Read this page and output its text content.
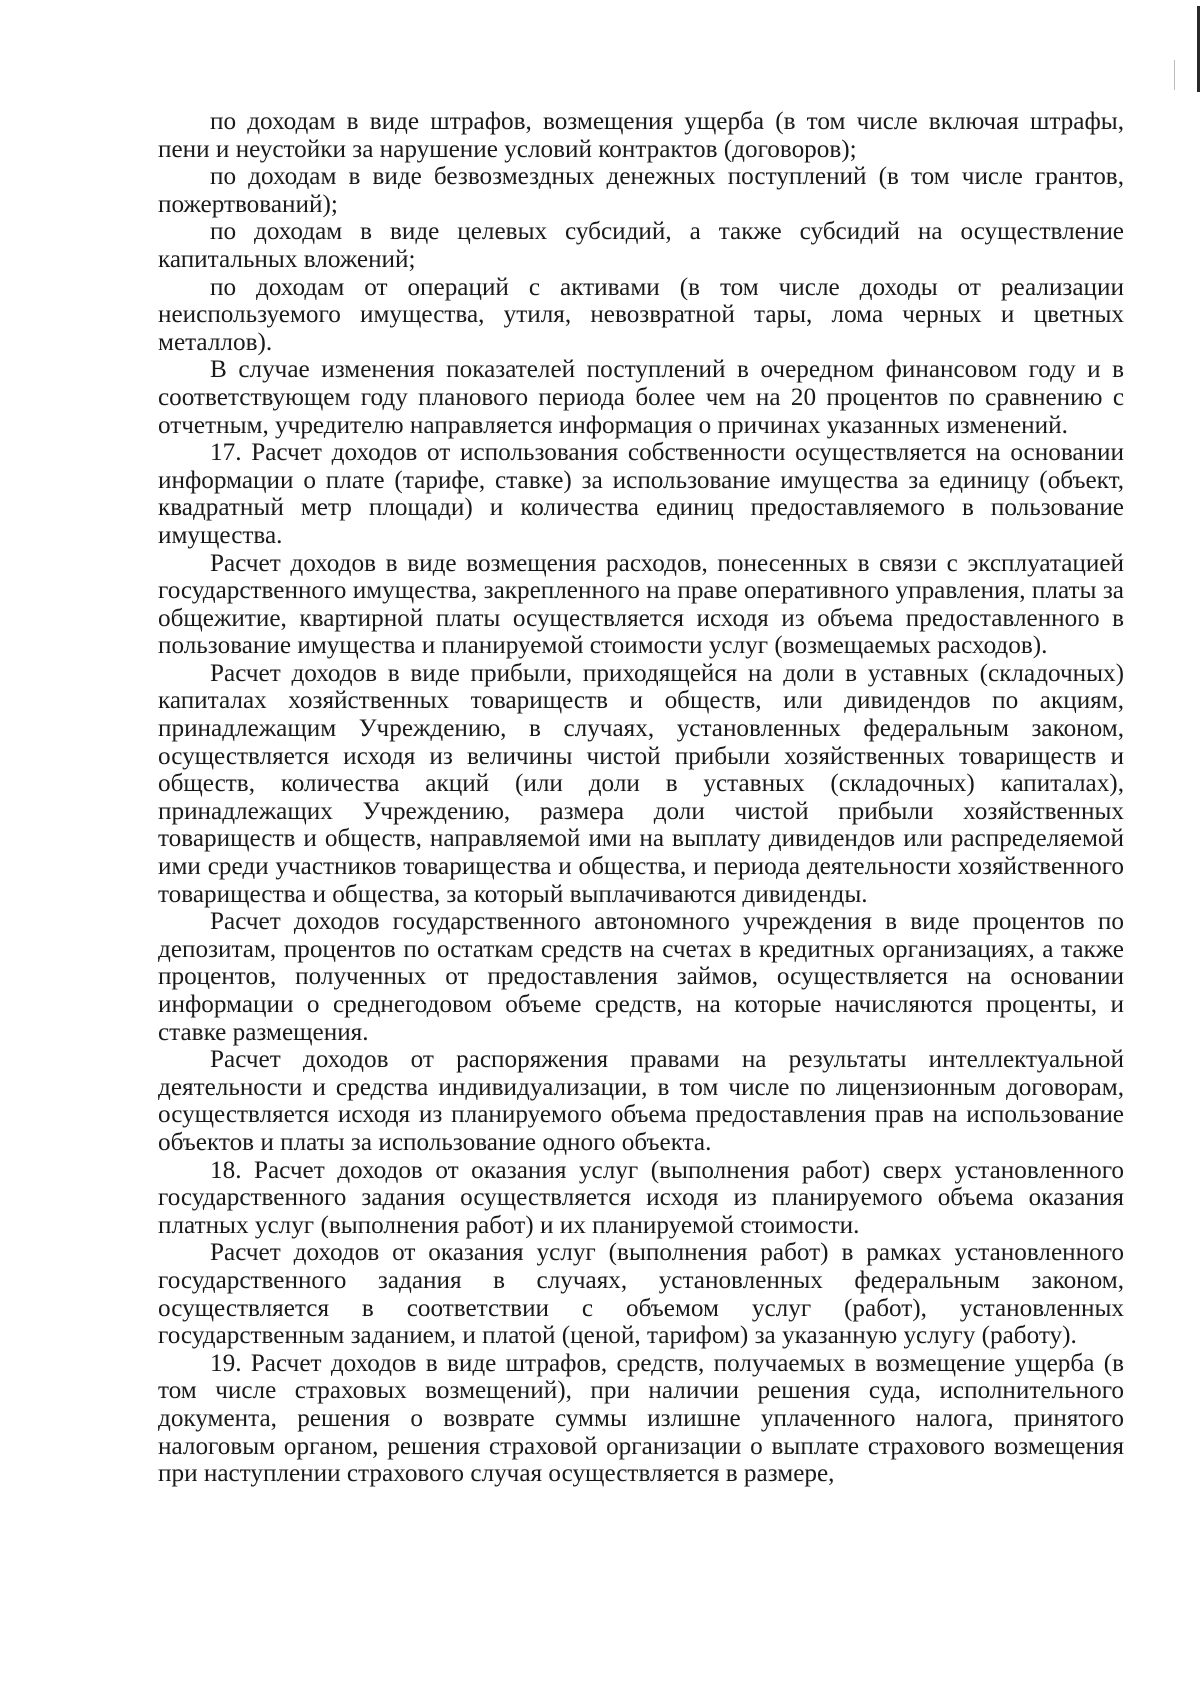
по доходам в виде штрафов, возмещения ущерба (в том числе включая штрафы, пени и неустойки за нарушение условий контрактов (договоров);

по доходам в виде безвозмездных денежных поступлений (в том числе грантов, пожертвований);

по доходам в виде целевых субсидий, а также субсидий на осуществление капитальных вложений;

по доходам от операций с активами (в том числе доходы от реализации неиспользуемого имущества, утиля, невозвратной тары, лома черных и цветных металлов).

В случае изменения показателей поступлений в очередном финансовом году и в соответствующем году планового периода более чем на 20 процентов по сравнению с отчетным, учредителю направляется информация о причинах указанных изменений.

17. Расчет доходов от использования собственности осуществляется на основании информации о плате (тарифе, ставке) за использование имущества за единицу (объект, квадратный метр площади) и количества единиц предоставляемого в пользование имущества.

Расчет доходов в виде возмещения расходов, понесенных в связи с эксплуатацией государственного имущества, закрепленного на праве оперативного управления, платы за общежитие, квартирной платы осуществляется исходя из объема предоставленного в пользование имущества и планируемой стоимости услуг (возмещаемых расходов).

Расчет доходов в виде прибыли, приходящейся на доли в уставных (складочных) капиталах хозяйственных товариществ и обществ, или дивидендов по акциям, принадлежащим Учреждению, в случаях, установленных федеральным законом, осуществляется исходя из величины чистой прибыли хозяйственных товариществ и обществ, количества акций (или доли в уставных (складочных) капиталах), принадлежащих Учреждению, размера доли чистой прибыли хозяйственных товариществ и обществ, направляемой ими на выплату дивидендов или распределяемой ими среди участников товарищества и общества, и периода деятельности хозяйственного товарищества и общества, за который выплачиваются дивиденды.

Расчет доходов государственного автономного учреждения в виде процентов по депозитам, процентов по остаткам средств на счетах в кредитных организациях, а также процентов, полученных от предоставления займов, осуществляется на основании информации о среднегодовом объеме средств, на которые начисляются проценты, и ставке размещения.

Расчет доходов от распоряжения правами на результаты интеллектуальной деятельности и средства индивидуализации, в том числе по лицензионным договорам, осуществляется исходя из планируемого объема предоставления прав на использование объектов и платы за использование одного объекта.

18. Расчет доходов от оказания услуг (выполнения работ) сверх установленного государственного задания осуществляется исходя из планируемого объема оказания платных услуг (выполнения работ) и их планируемой стоимости.

Расчет доходов от оказания услуг (выполнения работ) в рамках установленного государственного задания в случаях, установленных федеральным законом, осуществляется в соответствии с объемом услуг (работ), установленных государственным заданием, и платой (ценой, тарифом) за указанную услугу (работу).

19. Расчет доходов в виде штрафов, средств, получаемых в возмещение ущерба (в том числе страховых возмещений), при наличии решения суда, исполнительного документа, решения о возврате суммы излишне уплаченного налога, принятого налоговым органом, решения страховой организации о выплате страхового возмещения при наступлении страхового случая осуществляется в размере,
